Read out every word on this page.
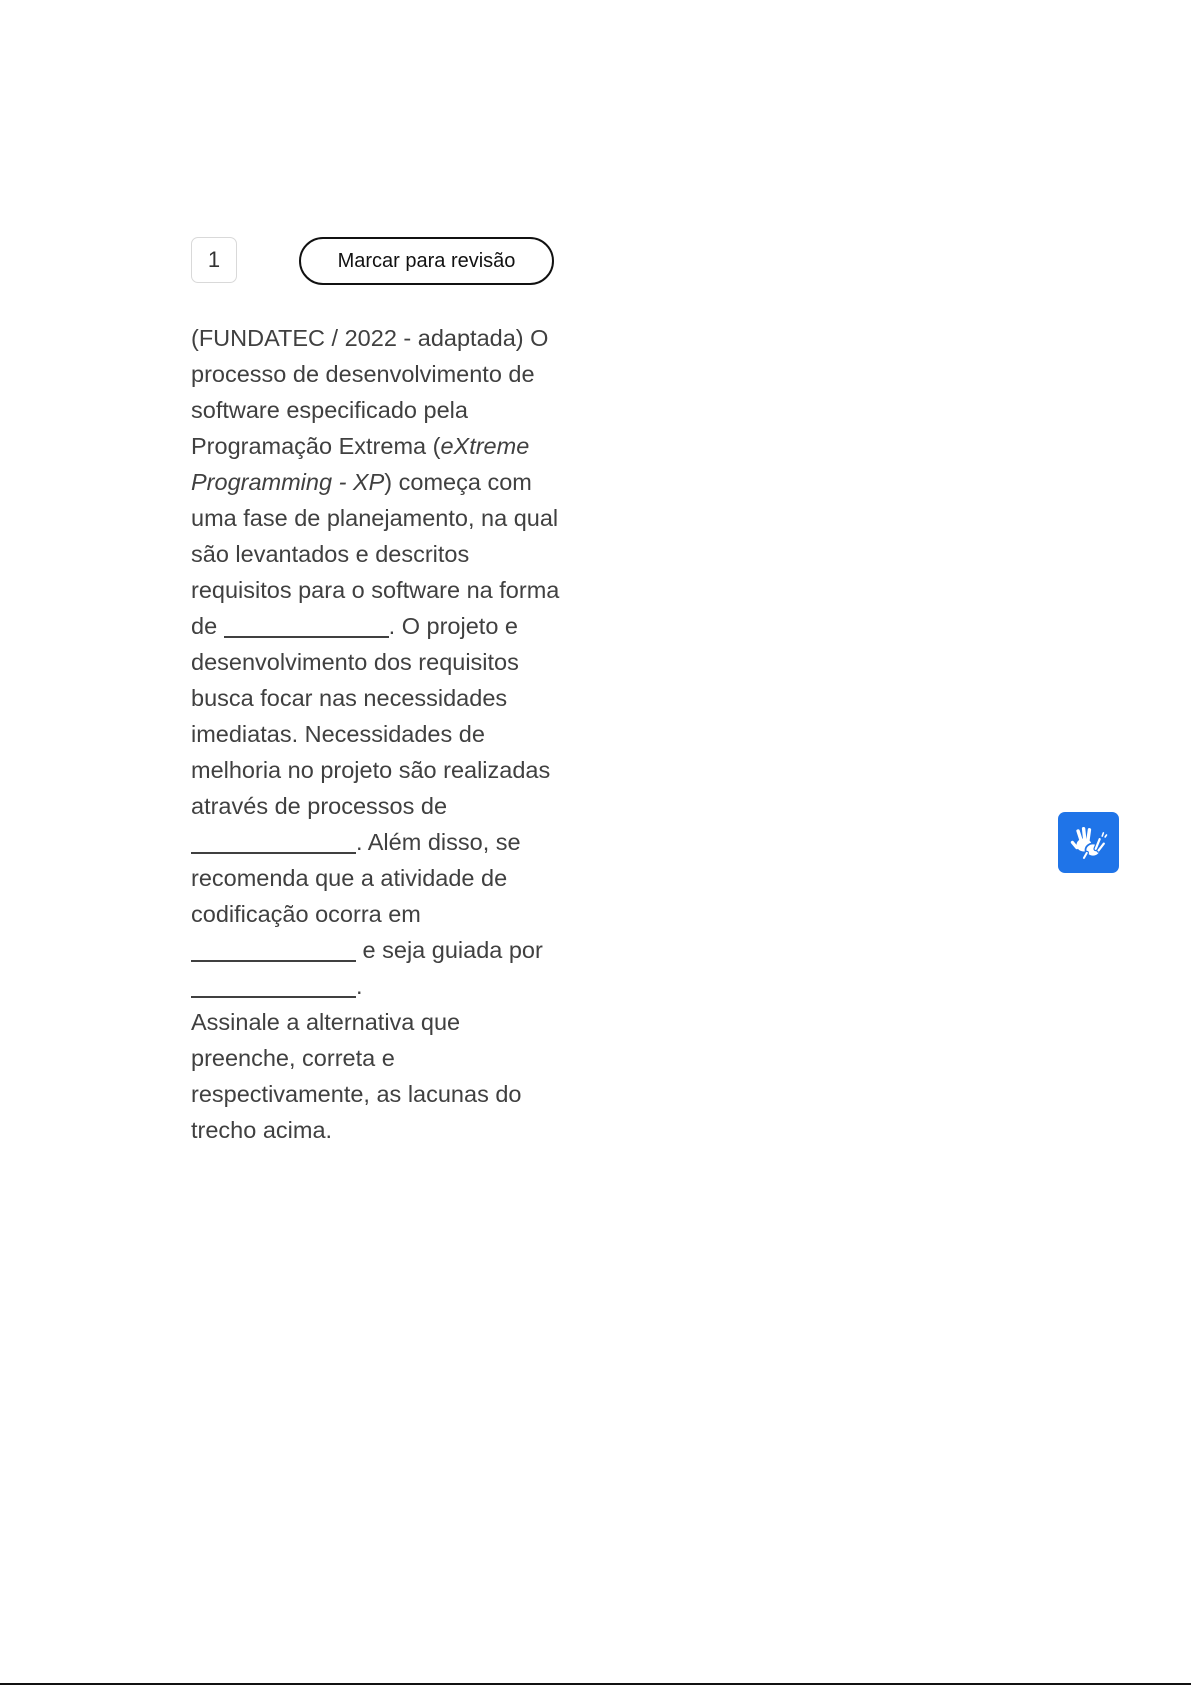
1	Marcar para revisão

(FUNDATEC / 2022 - adaptada) O processo de desenvolvimento de software especificado pela Programação Extrema (eXtreme Programming - XP) começa com uma fase de planejamento, na qual são levantados e descritos requisitos para o software na forma de	. O projeto e desenvolvimento dos requisitos busca focar nas necessidades imediatas. Necessidades de melhoria no projeto são realizadas através de processos de . Além disso, se recomenda que a atividade de codificação ocorra em  e seja guiada por .
Assinale a alternativa que preenche, correta e respectivamente, as lacunas do trecho acima.
